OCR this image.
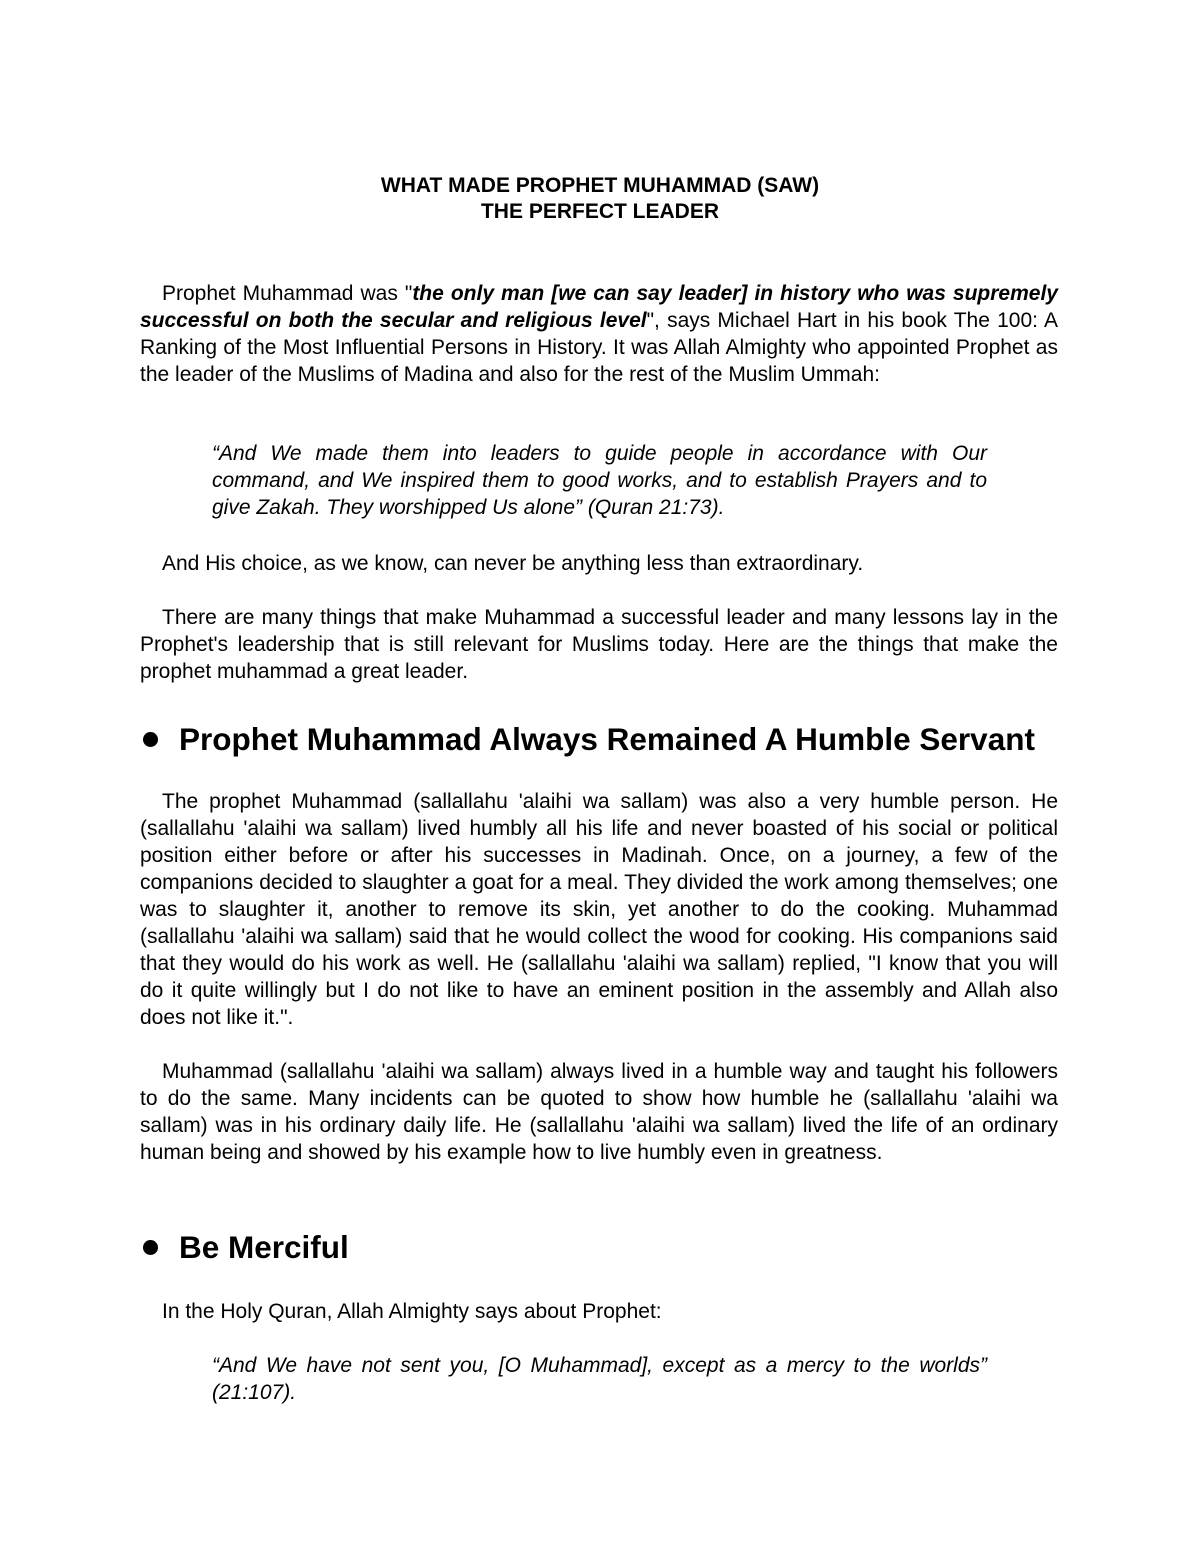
WHAT MADE PROPHET MUHAMMAD (SAW)
THE PERFECT LEADER

Prophet Muhammad was "the only man [we can say leader] in history who was supremely successful on both the secular and religious level", says Michael Hart in his book The 100: A Ranking of the Most Influential Persons in History. It was Allah Almighty who appointed Prophet as the leader of the Muslims of Madina and also for the rest of the Muslim Ummah:

“And We made them into leaders to guide people in accordance with Our command, and We inspired them to good works, and to establish Prayers and to give Zakah. They worshipped Us alone” (Quran 21:73).

And His choice, as we know, can never be anything less than extraordinary.

There are many things that make Muhammad a successful leader and many lessons lay in the Prophet's leadership that is still relevant for Muslims today. Here are the things that make the prophet muhammad a great leader.

Prophet Muhammad Always Remained A Humble Servant

The prophet Muhammad (sallallahu 'alaihi wa sallam) was also a very humble person. He (sallallahu 'alaihi wa sallam) lived humbly all his life and never boasted of his social or political position either before or after his successes in Madinah. Once, on a journey, a few of the companions decided to slaughter a goat for a meal. They divided the work among themselves; one was to slaughter it, another to remove its skin, yet another to do the cooking. Muhammad (sallallahu 'alaihi wa sallam) said that he would collect the wood for cooking. His companions said that they would do his work as well. He (sallallahu 'alaihi wa sallam) replied, "I know that you will do it quite willingly but I do not like to have an eminent position in the assembly and Allah also does not like it.".

Muhammad (sallallahu 'alaihi wa sallam) always lived in a humble way and taught his followers to do the same. Many incidents can be quoted to show how humble he (sallallahu 'alaihi wa sallam) was in his ordinary daily life. He (sallallahu 'alaihi wa sallam) lived the life of an ordinary human being and showed by his example how to live humbly even in greatness.

Be Merciful

In the Holy Quran, Allah Almighty says about Prophet:

“And We have not sent you, [O Muhammad], except as a mercy to the worlds” (21:107).
